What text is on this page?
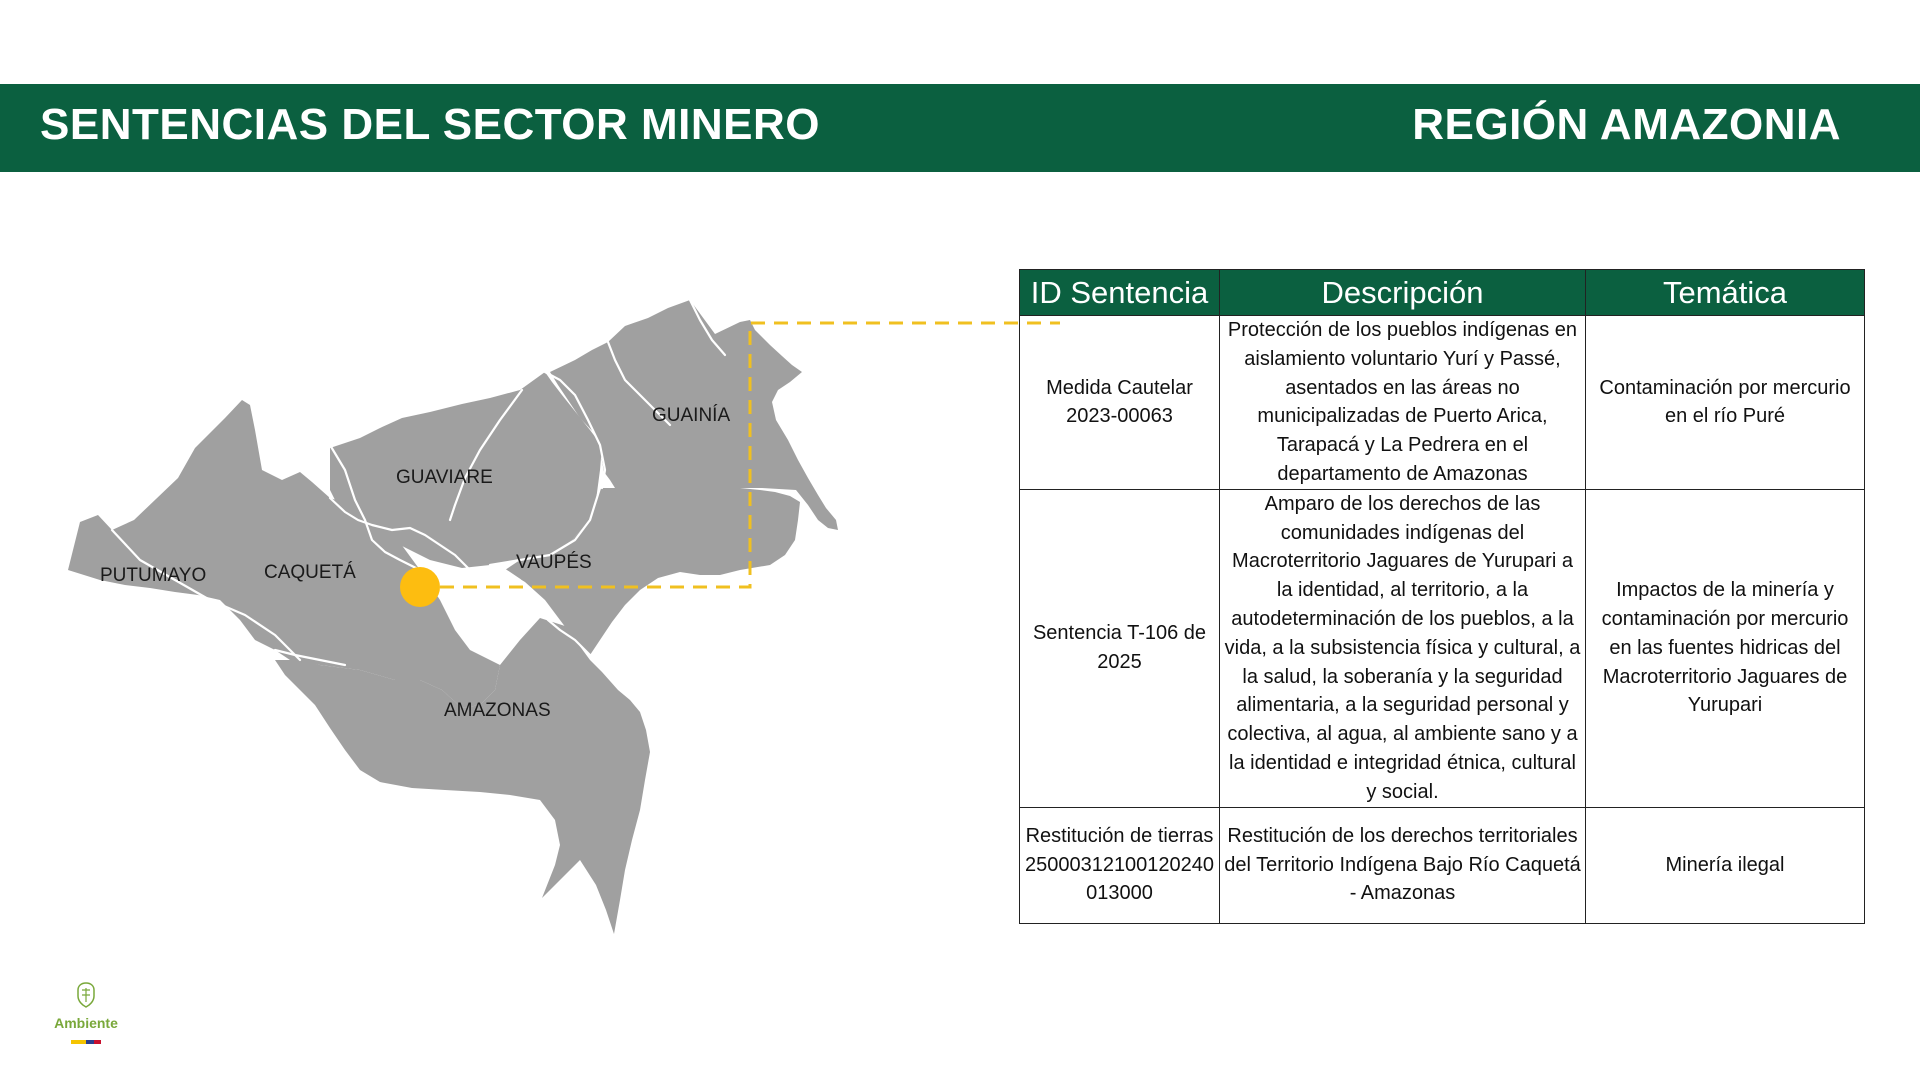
SENTENCIAS DEL SECTOR MINERO	REGIÓN AMAZONIA
GUAINÍA
GUAVIARE
VAUPÉS
PUTUMAYO	CAQUETÁ
AMAZONAS
ID Sentencia	Descripción	Temática
Medida Cautelar 2023-00063	Protección de los pueblos indígenas en aislamiento voluntario Yurí y Passé, asentados en las áreas no municipalizadas de Puerto Arica, Tarapacá y La Pedrera en el departamento de Amazonas	Contaminación por mercurio en el río Puré
Sentencia T-106 de 2025	Amparo de los derechos de las comunidades indígenas del Macroterritorio Jaguares de Yurupari a la identidad, al territorio, a la autodeterminación de los pueblos, a la vida, a la subsistencia física y cultural, a la salud, la soberanía y la seguridad alimentaria, a la seguridad personal y colectiva, al agua, al ambiente sano y a la identidad e integridad étnica, cultural y social.	Impactos de la minería y contaminación por mercurio en las fuentes hidricas del Macroterritorio Jaguares de Yurupari
Restitución de tierras 25000312100120240013000	Restitución de los derechos territoriales del Territorio Indígena Bajo Río Caquetá - Amazonas	Minería ilegal
Ambiente
